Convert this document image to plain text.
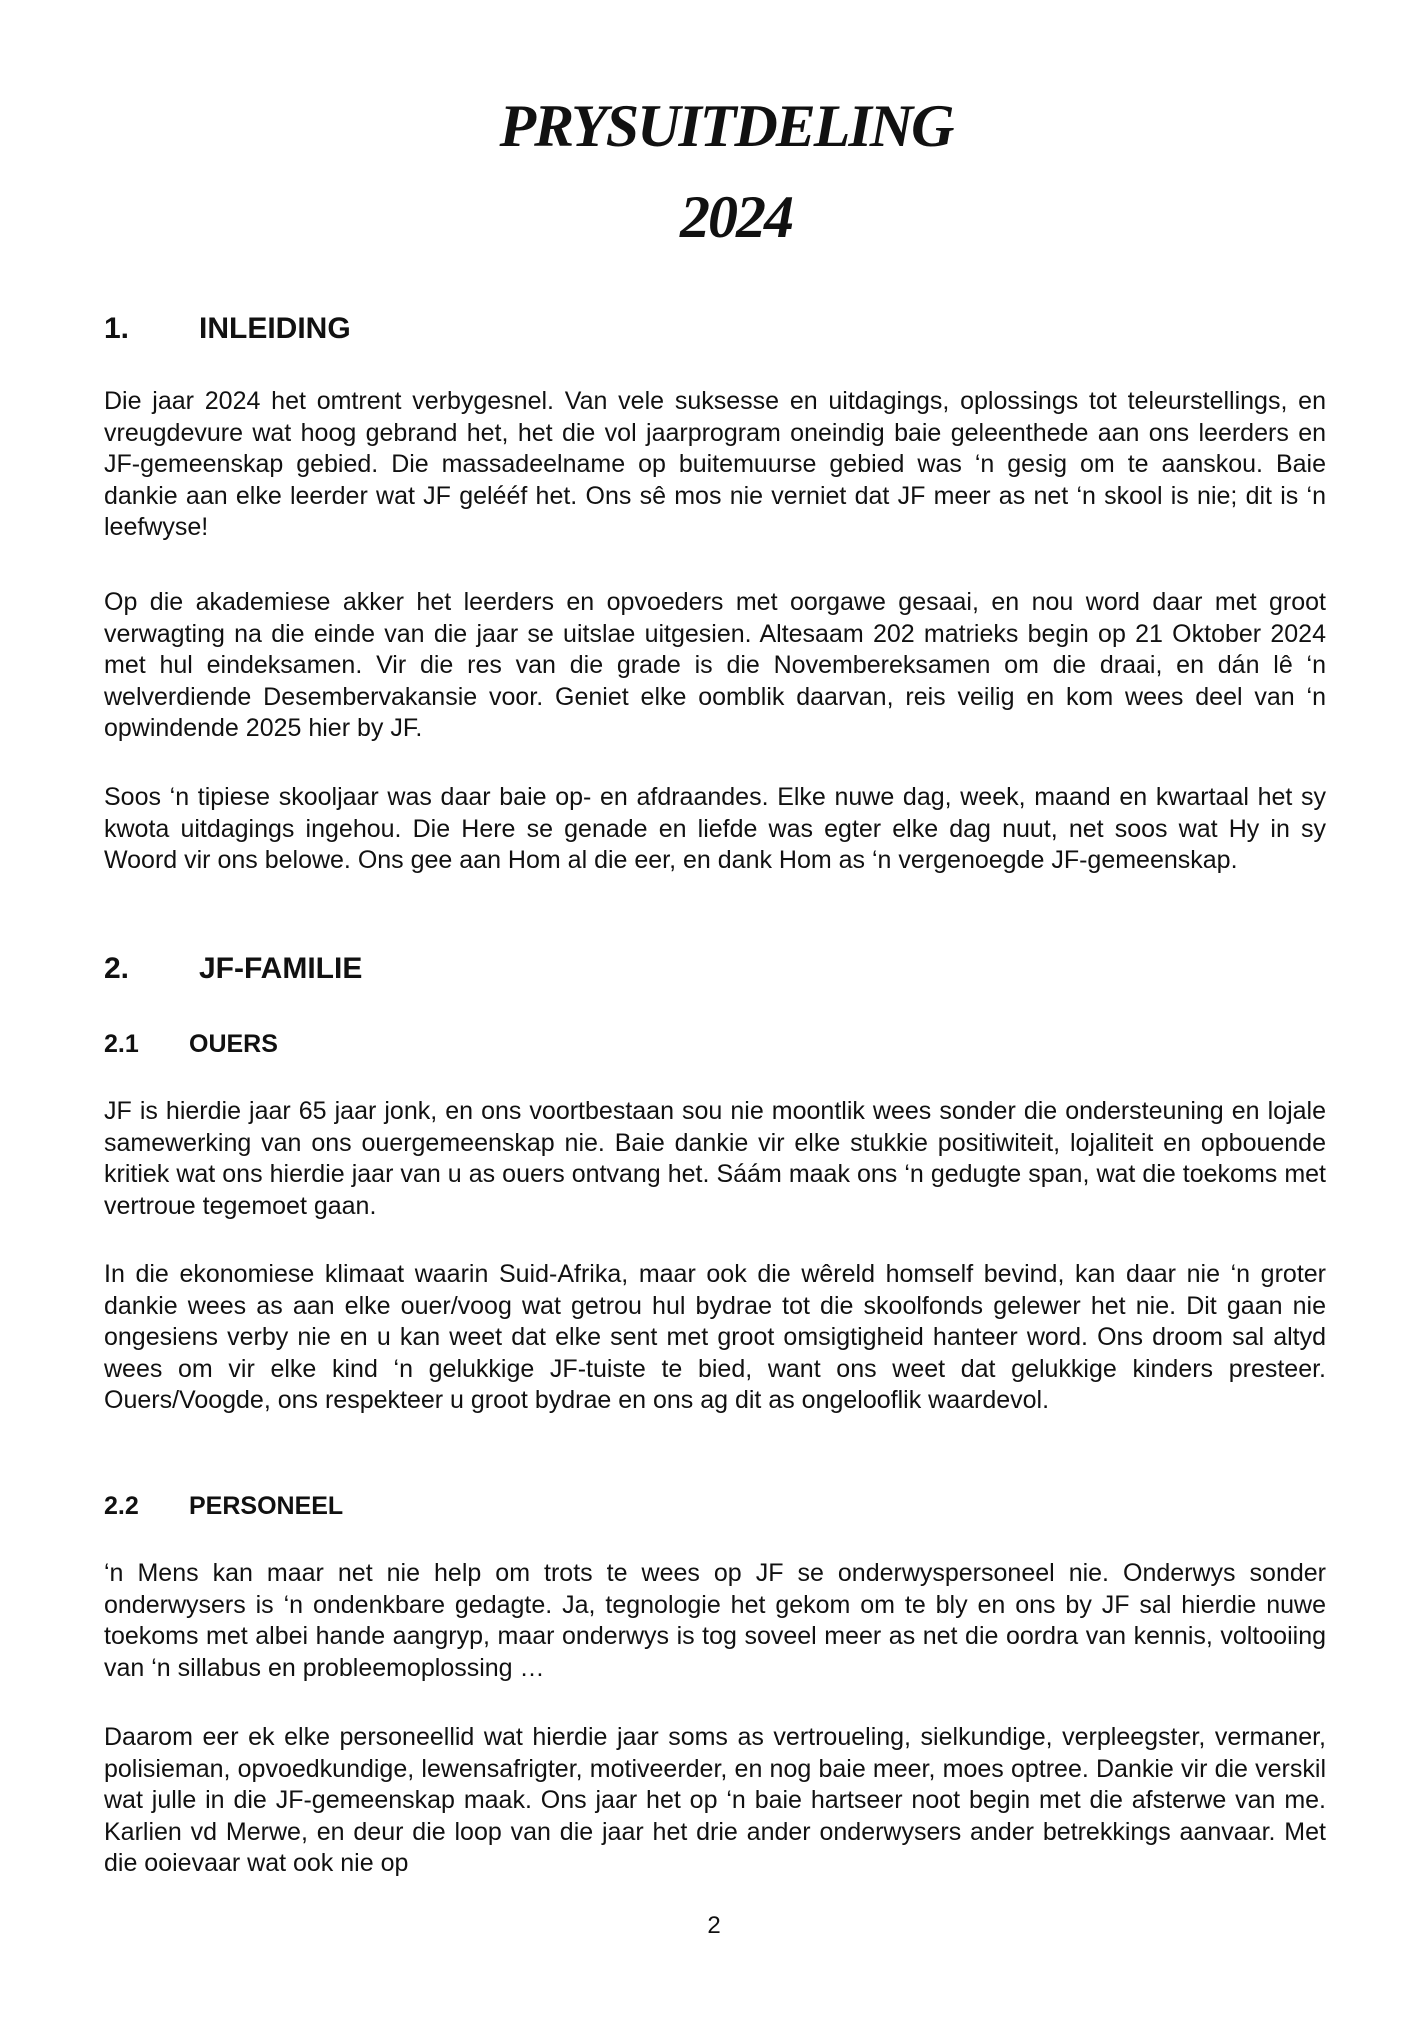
PRYSUITDELING
2024
1. INLEIDING

Die jaar 2024 het omtrent verbygesnel. Van vele suksesse en uitdagings, oplossings tot teleurstellings, en vreugdevure wat hoog gebrand het, het die vol jaarprogram oneindig baie geleenthede aan ons leerders en JF-gemeenskap gebied. Die massadeelname op buitemuurse gebied was ‘n gesig om te aanskou. Baie dankie aan elke leerder wat JF gelééf het. Ons sê mos nie verniet dat JF meer as net ‘n skool is nie; dit is ‘n leefwyse!

Op die akademiese akker het leerders en opvoeders met oorgawe gesaai, en nou word daar met groot verwagting na die einde van die jaar se uitslae uitgesien. Altesaam 202 matrieks begin op 21 Oktober 2024 met hul eindeksamen. Vir die res van die grade is die Novembereksamen om die draai, en dán lê ‘n welverdiende Desembervakansie voor. Geniet elke oomblik daarvan, reis veilig en kom wees deel van ‘n opwindende 2025 hier by JF.

Soos ‘n tipiese skooljaar was daar baie op- en afdraandes. Elke nuwe dag, week, maand en kwartaal het sy kwota uitdagings ingehou. Die Here se genade en liefde was egter elke dag nuut, net soos wat Hy in sy Woord vir ons belowe. Ons gee aan Hom al die eer, en dank Hom as ‘n vergenoegde JF-gemeenskap.

2. JF-FAMILIE
2.1 OUERS

JF is hierdie jaar 65 jaar jonk, en ons voortbestaan sou nie moontlik wees sonder die ondersteuning en lojale samewerking van ons ouergemeenskap nie. Baie dankie vir elke stukkie positiwiteit, lojaliteit en opbouende kritiek wat ons hierdie jaar van u as ouers ontvang het. Sáám maak ons ‘n gedugte span, wat die toekoms met vertroue tegemoet gaan.

In die ekonomiese klimaat waarin Suid-Afrika, maar ook die wêreld homself bevind, kan daar nie ‘n groter dankie wees as aan elke ouer/voog wat getrou hul bydrae tot die skoolfonds gelewer het nie. Dit gaan nie ongesiens verby nie en u kan weet dat elke sent met groot omsigtigheid hanteer word. Ons droom sal altyd wees om vir elke kind ‘n gelukkige JF-tuiste te bied, want ons weet dat gelukkige kinders presteer. Ouers/Voogde, ons respekteer u groot bydrae en ons ag dit as ongelooflik waardevol.

2.2 PERSONEEL

‘n Mens kan maar net nie help om trots te wees op JF se onderwyspersoneel nie. Onderwys sonder onderwysers is ‘n ondenkbare gedagte. Ja, tegnologie het gekom om te bly en ons by JF sal hierdie nuwe toekoms met albei hande aangryp, maar onderwys is tog soveel meer as net die oordra van kennis, voltooiing van ‘n sillabus en probleemoplossing …

Daarom eer ek elke personeellid wat hierdie jaar soms as vertroueling, sielkundige, verpleegster, vermaner, polisieman, opvoedkundige, lewensafrigter, motiveerder, en nog baie meer, moes optree. Dankie vir die verskil wat julle in die JF-gemeenskap maak. Ons jaar het op ‘n baie hartseer noot begin met die afsterwe van me. Karlien vd Merwe, en deur die loop van die jaar het drie ander onderwysers ander betrekkings aanvaar. Met die ooievaar wat ook nie op

2
